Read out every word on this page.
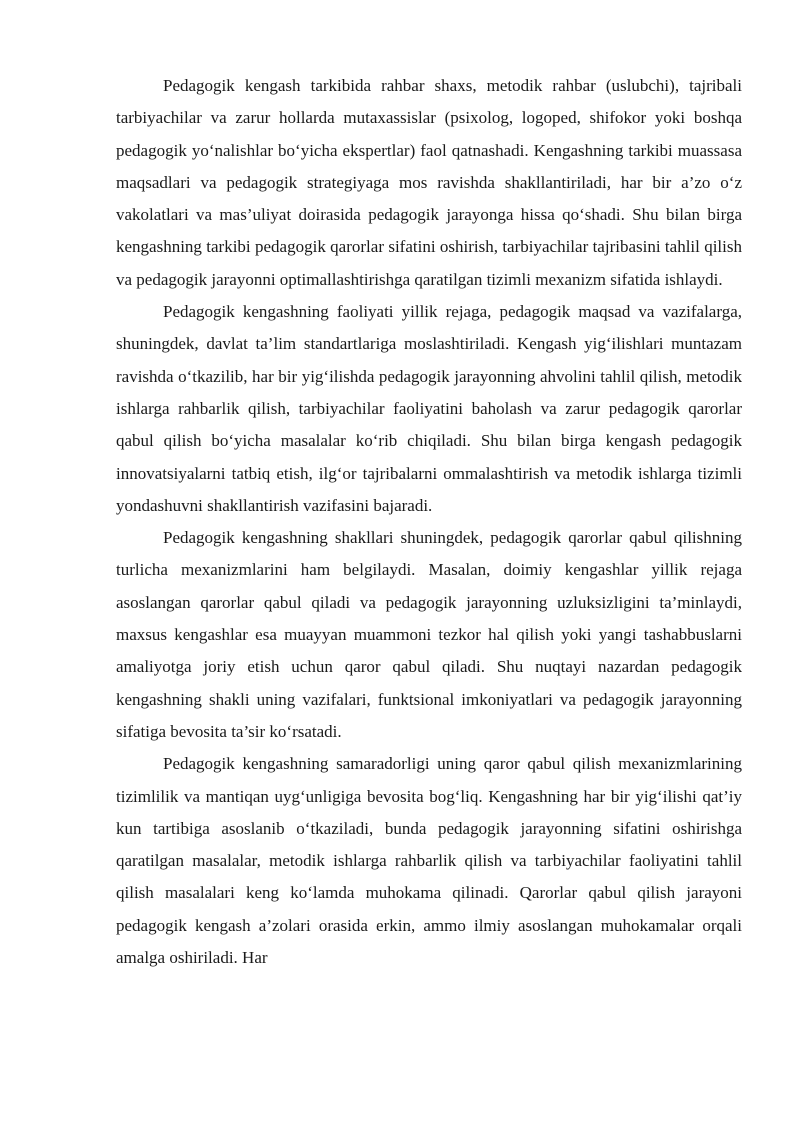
Pedagogik kengash tarkibida rahbar shaxs, metodik rahbar (uslubchi), tajribali tarbiyachilar va zarur hollarda mutaxassislar (psixolog, logoped, shifokor yoki boshqa pedagogik yo‘nalishlar bo‘yicha ekspertlar) faol qatnashadi. Kengashning tarkibi muassasa maqsadlari va pedagogik strategiyaga mos ravishda shakllantiriladi, har bir a’zo o‘z vakolatlari va mas’uliyat doirasida pedagogik jarayonga hissa qo‘shadi. Shu bilan birga kengashning tarkibi pedagogik qarorlar sifatini oshirish, tarbiyachilar tajribasini tahlil qilish va pedagogik jarayonni optimallashtirishga qaratilgan tizimli mexanizm sifatida ishlaydi.

Pedagogik kengashning faoliyati yillik rejaga, pedagogik maqsad va vazifalarga, shuningdek, davlat ta’lim standartlariga moslashtiriladi. Kengash yig‘ilishlari muntazam ravishda o‘tkazilib, har bir yig‘ilishda pedagogik jarayonning ahvolini tahlil qilish, metodik ishlarga rahbarlik qilish, tarbiyachilar faoliyatini baholash va zarur pedagogik qarorlar qabul qilish bo‘yicha masalalar ko‘rib chiqiladi. Shu bilan birga kengash pedagogik innovatsiyalarni tatbiq etish, ilg‘or tajribalarni ommalashtirish va metodik ishlarga tizimli yondashuvni shakllantirish vazifasini bajaradi.

Pedagogik kengashning shakllari shuningdek, pedagogik qarorlar qabul qilishning turlicha mexanizmlarini ham belgilaydi. Masalan, doimiy kengashlar yillik rejaga asoslangan qarorlar qabul qiladi va pedagogik jarayonning uzluksizligini ta’minlaydi, maxsus kengashlar esa muayyan muammoni tezkor hal qilish yoki yangi tashabbuslarni amaliyotga joriy etish uchun qaror qabul qiladi. Shu nuqtayi nazardan pedagogik kengashning shakli uning vazifalari, funktsional imkoniyatlari va pedagogik jarayonning sifatiga bevosita ta’sir ko‘rsatadi.

Pedagogik kengashning samaradorligi uning qaror qabul qilish mexanizmlarining tizimlilik va mantiqan uyg‘unligiga bevosita bog‘liq. Kengashning har bir yig‘ilishi qat’iy kun tartibiga asoslanib o‘tkaziladi, bunda pedagogik jarayonning sifatini oshirishga qaratilgan masalalar, metodik ishlarga rahbarlik qilish va tarbiyachilar faoliyatini tahlil qilish masalalari keng ko‘lamda muhokama qilinadi. Qarorlar qabul qilish jarayoni pedagogik kengash a’zolari orasida erkin, ammo ilmiy asoslangan muhokamalar orqali amalga oshiriladi. Har
